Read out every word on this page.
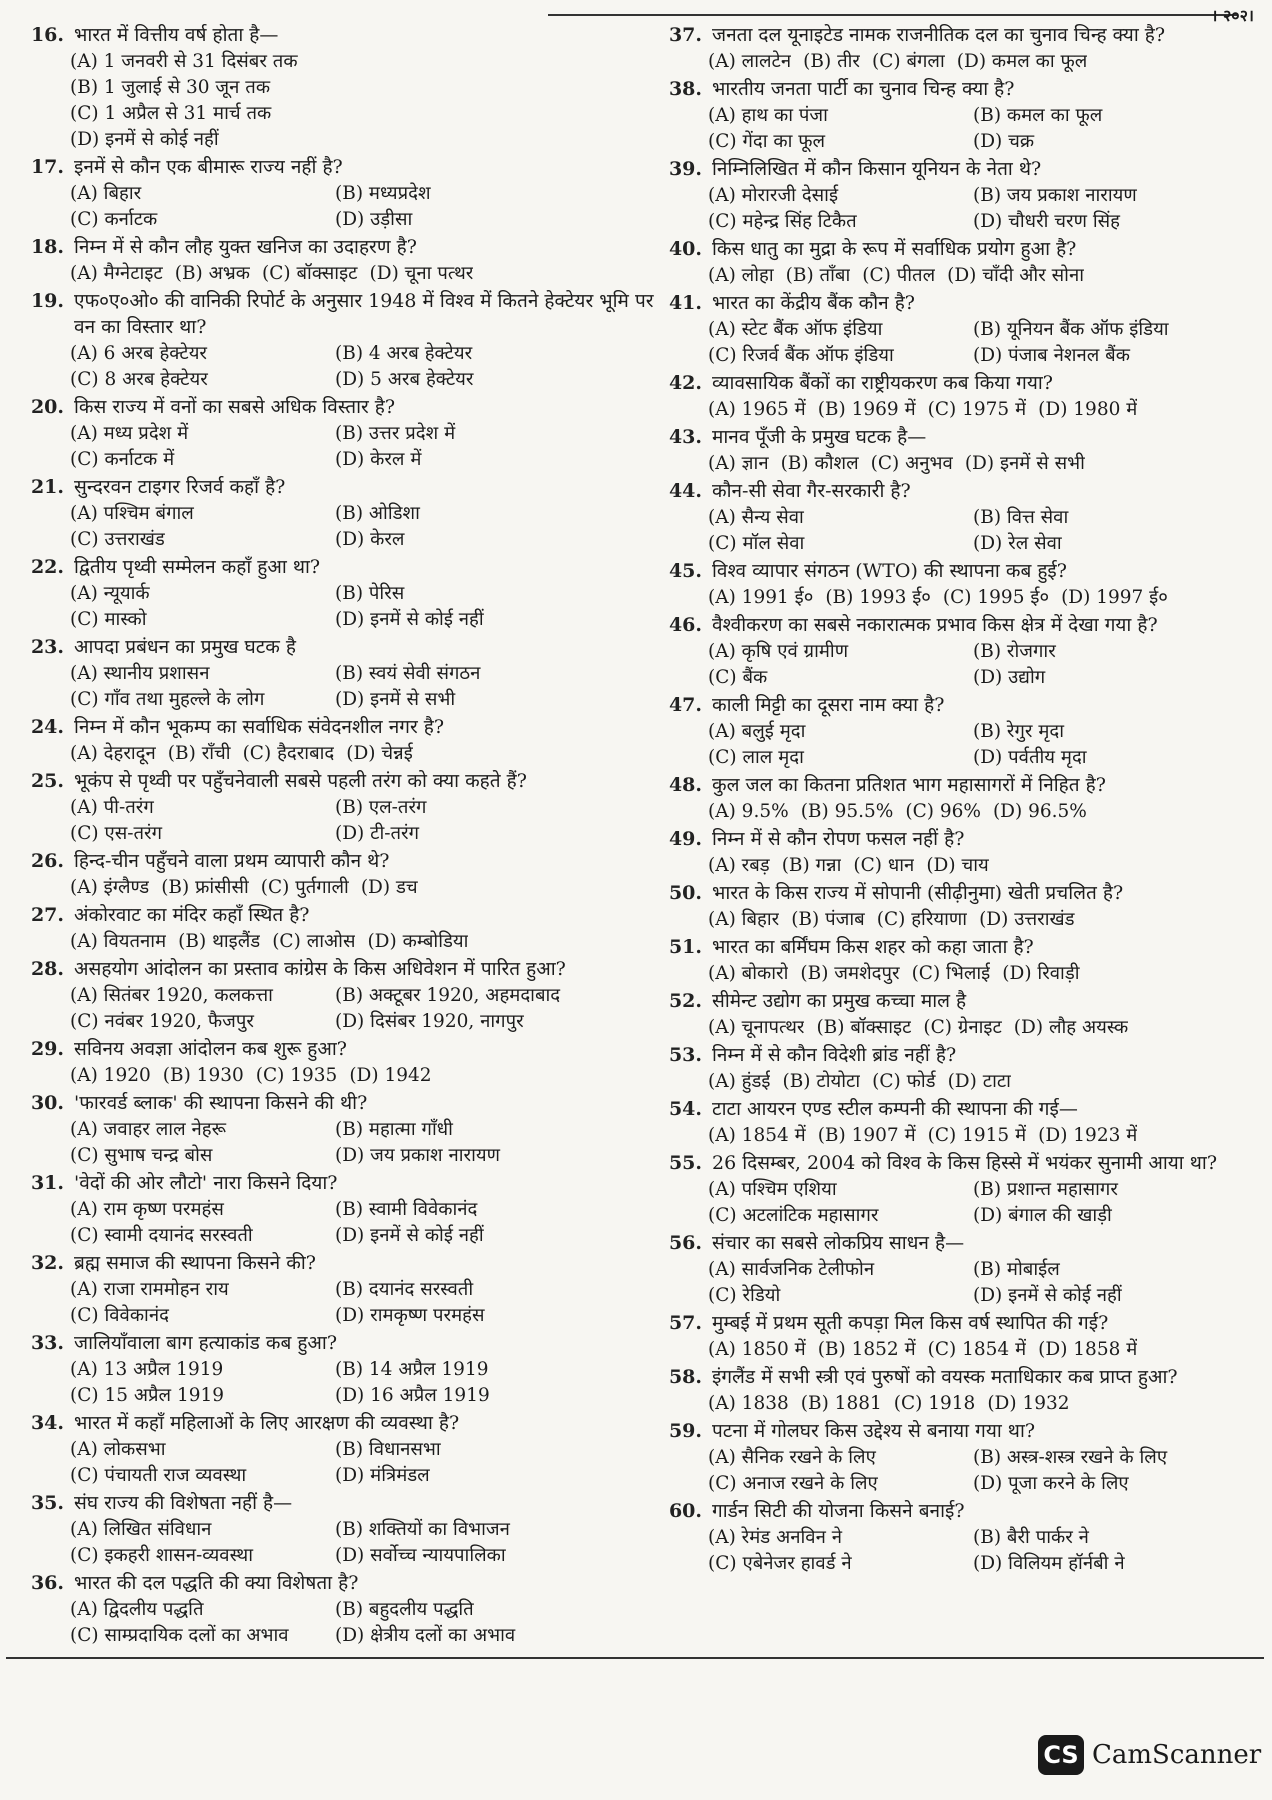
। २०२।
16. भारत में वित्तीय वर्ष होता है—
(A) 1 जनवरी से 31 दिसंबर तक
(B) 1 जुलाई से 30 जून तक
(C) 1 अप्रैल से 31 मार्च तक
(D) इनमें से कोई नहीं
17. इनमें से कौन एक बीमारू राज्य नहीं है?
(A) बिहार	(B) मध्यप्रदेश
(C) कर्नाटक	(D) उड़ीसा
18. निम्न में से कौन लौह युक्त खनिज का उदाहरण है?
(A) मैग्नेटाइट (B) अभ्रक (C) बॉक्साइट (D) चूना पत्थर
19. एफ०ए०ओ० की वानिकी रिपोर्ट के अनुसार 1948 में विश्व में कितने हेक्टेयर भूमि पर वन का विस्तार था?
(A) 6 अरब हेक्टेयर	(B) 4 अरब हेक्टेयर
(C) 8 अरब हेक्टेयर	(D) 5 अरब हेक्टेयर
20. किस राज्य में वनों का सबसे अधिक विस्तार है?
(A) मध्य प्रदेश में	(B) उत्तर प्रदेश में
(C) कर्नाटक में	(D) केरल में
21. सुन्दरवन टाइगर रिजर्व कहाँ है?
(A) पश्चिम बंगाल	(B) ओडिशा
(C) उत्तराखंड	(D) केरल
22. द्वितीय पृथ्वी सम्मेलन कहाँ हुआ था?
(A) न्यूयार्क	(B) पेरिस
(C) मास्को	(D) इनमें से कोई नहीं
23. आपदा प्रबंधन का प्रमुख घटक है
(A) स्थानीय प्रशासन	(B) स्वयं सेवी संगठन
(C) गाँव तथा मुहल्ले के लोग	(D) इनमें से सभी
24. निम्न में कौन भूकम्प का सर्वाधिक संवेदनशील नगर है?
(A) देहरादून (B) राँची (C) हैदराबाद (D) चेन्नई
25. भूकंप से पृथ्वी पर पहुँचनेवाली सबसे पहली तरंग को क्या कहते हैं?
(A) पी-तरंग	(B) एल-तरंग
(C) एस-तरंग	(D) टी-तरंग
26. हिन्द-चीन पहुँचने वाला प्रथम व्यापारी कौन थे?
(A) इंग्लैण्ड (B) फ्रांसीसी (C) पुर्तगाली (D) डच
27. अंकोरवाट का मंदिर कहाँ स्थित है?
(A) वियतनाम (B) थाइलैंड (C) लाओस (D) कम्बोडिया
28. असहयोग आंदोलन का प्रस्ताव कांग्रेस के किस अधिवेशन में पारित हुआ?
(A) सितंबर 1920, कलकत्ता	(B) अक्टूबर 1920, अहमदाबाद
(C) नवंबर 1920, फैजपुर	(D) दिसंबर 1920, नागपुर
29. सविनय अवज्ञा आंदोलन कब शुरू हुआ?
(A) 1920 (B) 1930 (C) 1935 (D) 1942
30. 'फारवर्ड ब्लाक' की स्थापना किसने की थी?
(A) जवाहर लाल नेहरू	(B) महात्मा गाँधी
(C) सुभाष चन्द्र बोस	(D) जय प्रकाश नारायण
31. 'वेदों की ओर लौटो' नारा किसने दिया?
(A) राम कृष्ण परमहंस	(B) स्वामी विवेकानंद
(C) स्वामी दयानंद सरस्वती	(D) इनमें से कोई नहीं
32. ब्रह्म समाज की स्थापना किसने की?
(A) राजा राममोहन राय	(B) दयानंद सरस्वती
(C) विवेकानंद	(D) रामकृष्ण परमहंस
33. जालियाँवाला बाग हत्याकांड कब हुआ?
(A) 13 अप्रैल 1919	(B) 14 अप्रैल 1919
(C) 15 अप्रैल 1919	(D) 16 अप्रैल 1919
34. भारत में कहाँ महिलाओं के लिए आरक्षण की व्यवस्था है?
(A) लोकसभा	(B) विधानसभा
(C) पंचायती राज व्यवस्था	(D) मंत्रिमंडल
35. संघ राज्य की विशेषता नहीं है—
(A) लिखित संविधान	(B) शक्तियों का विभाजन
(C) इकहरी शासन-व्यवस्था	(D) सर्वोच्च न्यायपालिका
36. भारत की दल पद्धति की क्या विशेषता है?
(A) द्विदलीय पद्धति	(B) बहुदलीय पद्धति
(C) साम्प्रदायिक दलों का अभाव	(D) क्षेत्रीय दलों का अभाव
37. जनता दल यूनाइटेड नामक राजनीतिक दल का चुनाव चिन्ह क्या है?
(A) लालटेन (B) तीर (C) बंगला (D) कमल का फूल
38. भारतीय जनता पार्टी का चुनाव चिन्ह क्या है?
(A) हाथ का पंजा	(B) कमल का फूल
(C) गेंदा का फूल	(D) चक्र
39. निम्निलिखित में कौन किसान यूनियन के नेता थे?
(A) मोरारजी देसाई	(B) जय प्रकाश नारायण
(C) महेन्द्र सिंह टिकैत	(D) चौधरी चरण सिंह
40. किस धातु का मुद्रा के रूप में सर्वाधिक प्रयोग हुआ है?
(A) लोहा (B) ताँबा (C) पीतल (D) चाँदी और सोना
41. भारत का केंद्रीय बैंक कौन है?
(A) स्टेट बैंक ऑफ इंडिया	(B) यूनियन बैंक ऑफ इंडिया
(C) रिजर्व बैंक ऑफ इंडिया	(D) पंजाब नेशनल बैंक
42. व्यावसायिक बैंकों का राष्ट्रीयकरण कब किया गया?
(A) 1965 में (B) 1969 में (C) 1975 में (D) 1980 में
43. मानव पूँजी के प्रमुख घटक है—
(A) ज्ञान (B) कौशल (C) अनुभव (D) इनमें से सभी
44. कौन-सी सेवा गैर-सरकारी है?
(A) सैन्य सेवा	(B) वित्त सेवा
(C) मॉल सेवा	(D) रेल सेवा
45. विश्व व्यापार संगठन (WTO) की स्थापना कब हुई?
(A) 1991 ई० (B) 1993 ई० (C) 1995 ई० (D) 1997 ई०
46. वैश्वीकरण का सबसे नकारात्मक प्रभाव किस क्षेत्र में देखा गया है?
(A) कृषि एवं ग्रामीण	(B) रोजगार
(C) बैंक	(D) उद्योग
47. काली मिट्टी का दूसरा नाम क्या है?
(A) बलुई मृदा	(B) रेगुर मृदा
(C) लाल मृदा	(D) पर्वतीय मृदा
48. कुल जल का कितना प्रतिशत भाग महासागरों में निहित है?
(A) 9.5% (B) 95.5% (C) 96% (D) 96.5%
49. निम्न में से कौन रोपण फसल नहीं है?
(A) रबड़ (B) गन्ना (C) धान (D) चाय
50. भारत के किस राज्य में सोपानी (सीढ़ीनुमा) खेती प्रचलित है?
(A) बिहार (B) पंजाब (C) हरियाणा (D) उत्तराखंड
51. भारत का बर्मिंघम किस शहर को कहा जाता है?
(A) बोकारो (B) जमशेदपुर (C) भिलाई (D) रिवाड़ी
52. सीमेन्ट उद्योग का प्रमुख कच्चा माल है
(A) चूनापत्थर (B) बॉक्साइट (C) ग्रेनाइट (D) लौह अयस्क
53. निम्न में से कौन विदेशी ब्रांड नहीं है?
(A) हुंडई (B) टोयोटा (C) फोर्ड (D) टाटा
54. टाटा आयरन एण्ड स्टील कम्पनी की स्थापना की गई—
(A) 1854 में (B) 1907 में (C) 1915 में (D) 1923 में
55. 26 दिसम्बर, 2004 को विश्व के किस हिस्से में भयंकर सुनामी आया था?
(A) पश्चिम एशिया	(B) प्रशान्त महासागर
(C) अटलांटिक महासागर	(D) बंगाल की खाड़ी
56. संचार का सबसे लोकप्रिय साधन है—
(A) सार्वजनिक टेलीफोन	(B) मोबाईल
(C) रेडियो	(D) इनमें से कोई नहीं
57. मुम्बई में प्रथम सूती कपड़ा मिल किस वर्ष स्थापित की गई?
(A) 1850 में (B) 1852 में (C) 1854 में (D) 1858 में
58. इंगलैंड में सभी स्त्री एवं पुरुषों को वयस्क मताधिकार कब प्राप्त हुआ?
(A) 1838 (B) 1881 (C) 1918 (D) 1932
59. पटना में गोलघर किस उद्देश्य से बनाया गया था?
(A) सैनिक रखने के लिए	(B) अस्त्र-शस्त्र रखने के लिए
(C) अनाज रखने के लिए	(D) पूजा करने के लिए
60. गार्डन सिटी की योजना किसने बनाई?
(A) रेमंड अनविन ने	(B) बैरी पार्कर ने
(C) एबेनेजर हावर्ड ने	(D) विलियम हॉर्नबी ने
CS CamScanner
